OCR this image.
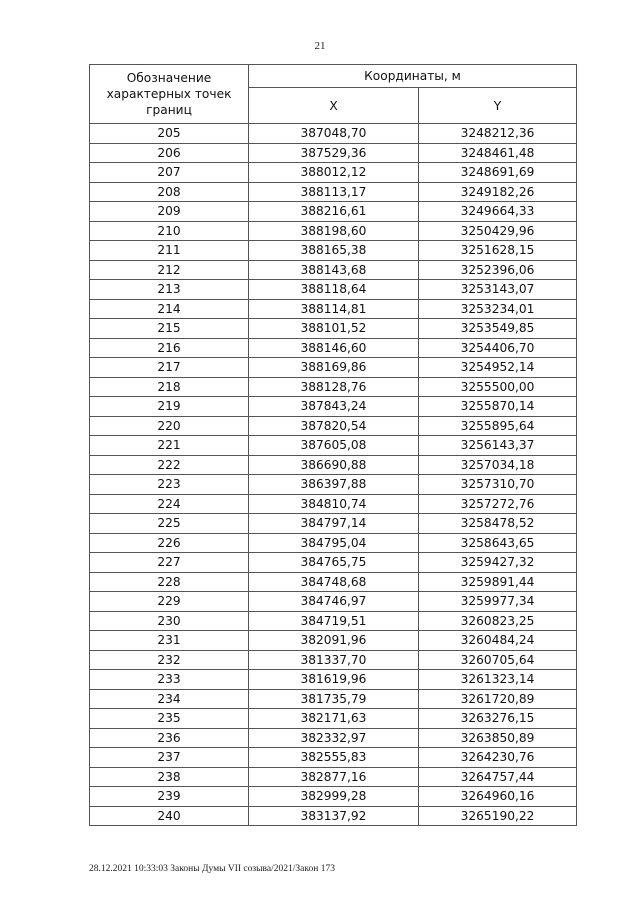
21
Обозначение характерных точек границ	Координаты, м	
	X	Y
205	387048,70	3248212,36
206	387529,36	3248461,48
207	388012,12	3248691,69
208	388113,17	3249182,26
209	388216,61	3249664,33
210	388198,60	3250429,96
211	388165,38	3251628,15
212	388143,68	3252396,06
213	388118,64	3253143,07
214	388114,81	3253234,01
215	388101,52	3253549,85
216	388146,60	3254406,70
217	388169,86	3254952,14
218	388128,76	3255500,00
219	387843,24	3255870,14
220	387820,54	3255895,64
221	387605,08	3256143,37
222	386690,88	3257034,18
223	386397,88	3257310,70
224	384810,74	3257272,76
225	384797,14	3258478,52
226	384795,04	3258643,65
227	384765,75	3259427,32
228	384748,68	3259891,44
229	384746,97	3259977,34
230	384719,51	3260823,25
231	382091,96	3260484,24
232	381337,70	3260705,64
233	381619,96	3261323,14
234	381735,79	3261720,89
235	382171,63	3263276,15
236	382332,97	3263850,89
237	382555,83	3264230,76
238	382877,16	3264757,44
239	382999,28	3264960,16
240	383137,92	3265190,22
28.12.2021 10:33:03 Законы Думы VII созыва/2021/Закон 173
